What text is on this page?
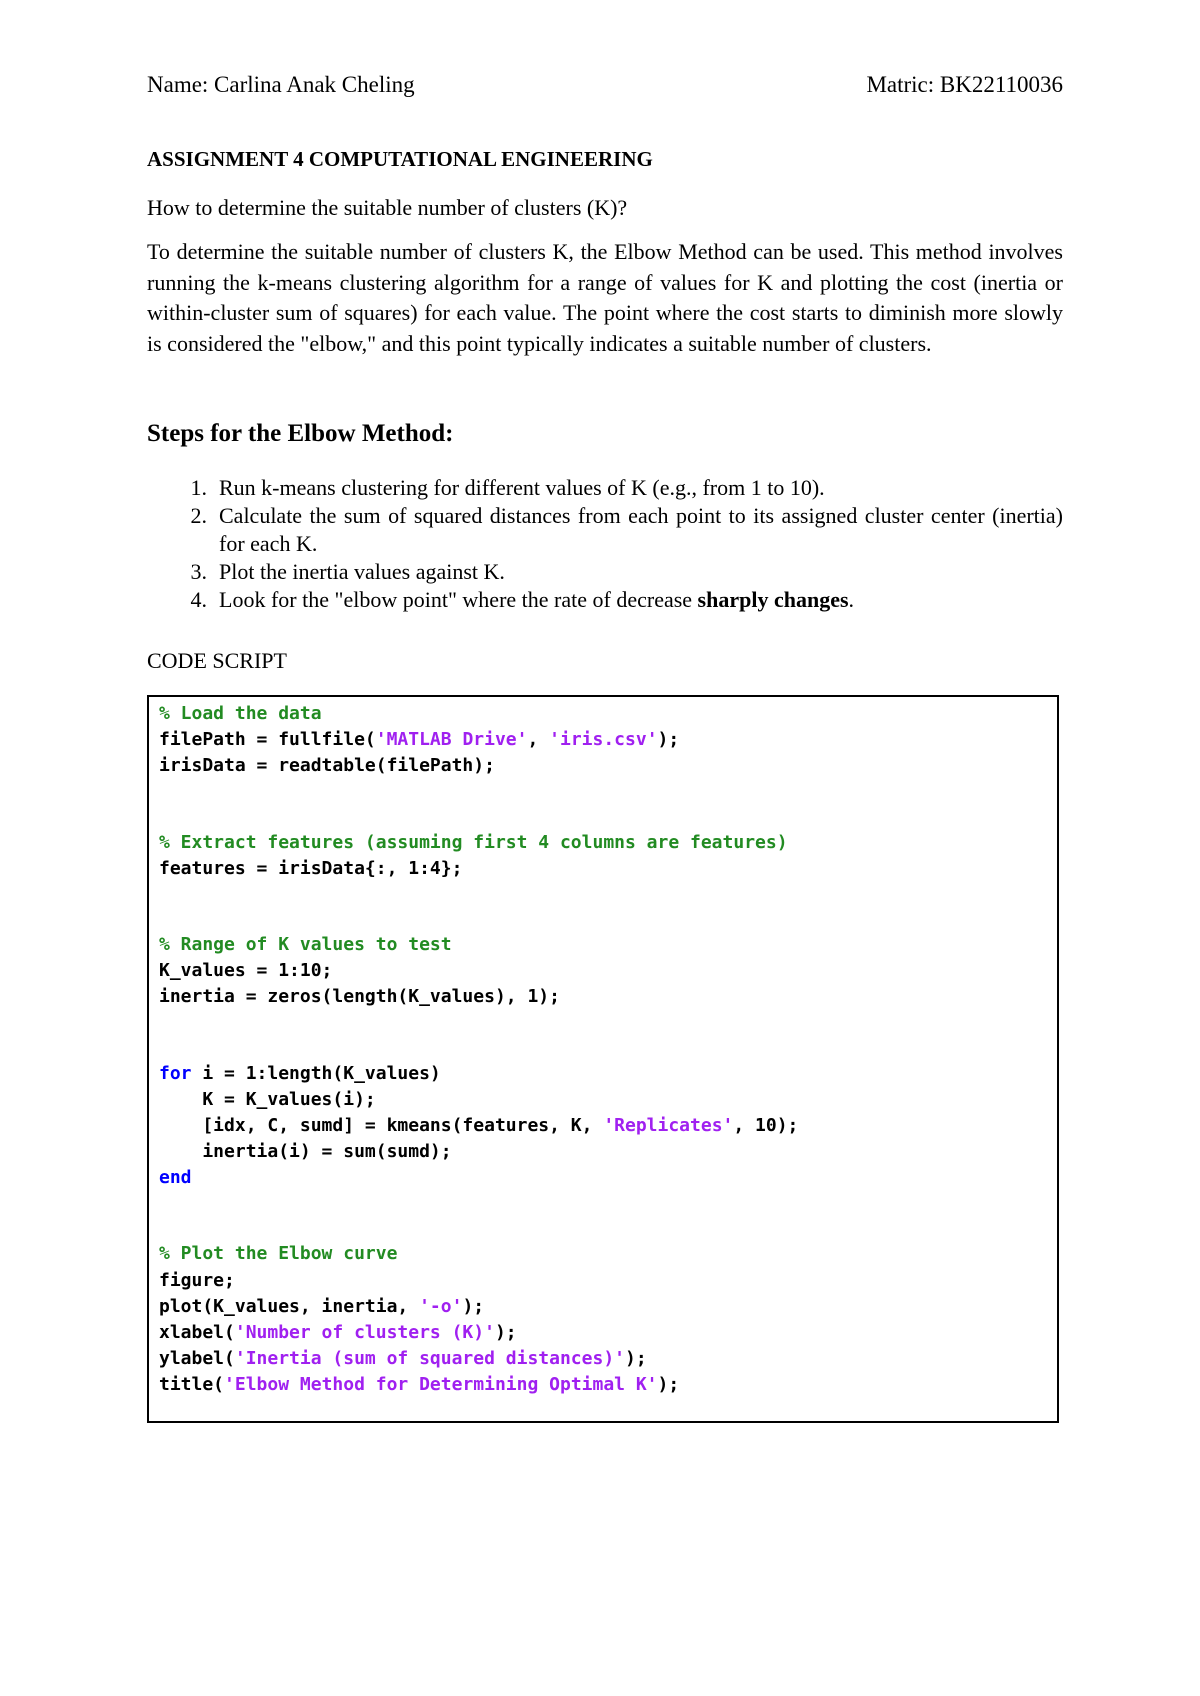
Name: Carlina Anak Cheling	Matric: BK22110036
ASSIGNMENT 4 COMPUTATIONAL ENGINEERING
How to determine the suitable number of clusters (K)?

To determine the suitable number of clusters K, the Elbow Method can be used. This method involves running the k-means clustering algorithm for a range of values for K and plotting the cost (inertia or within-cluster sum of squares) for each value. The point where the cost starts to diminish more slowly is considered the "elbow," and this point typically indicates a suitable number of clusters.

Steps for the Elbow Method:
1. Run k-means clustering for different values of K (e.g., from 1 to 10).
2. Calculate the sum of squared distances from each point to its assigned cluster center (inertia) for each K.
3. Plot the inertia values against K.
4. Look for the "elbow point" where the rate of decrease sharply changes.
CODE SCRIPT
% Load the data
filePath = fullfile('MATLAB Drive', 'iris.csv');
irisData = readtable(filePath);
% Extract features (assuming first 4 columns are features)
features = irisData{:, 1:4};
% Range of K values to test
K_values = 1:10;
inertia = zeros(length(K_values), 1);
for i = 1:length(K_values)
K = K_values(i);
[idx, C, sumd] = kmeans(features, K, 'Replicates', 10);
inertia(i) = sum(sumd);
end
% Plot the Elbow curve
figure;
plot(K_values, inertia, '-o');
xlabel('Number of clusters (K)');
ylabel('Inertia (sum of squared distances)');
title('Elbow Method for Determining Optimal K');
